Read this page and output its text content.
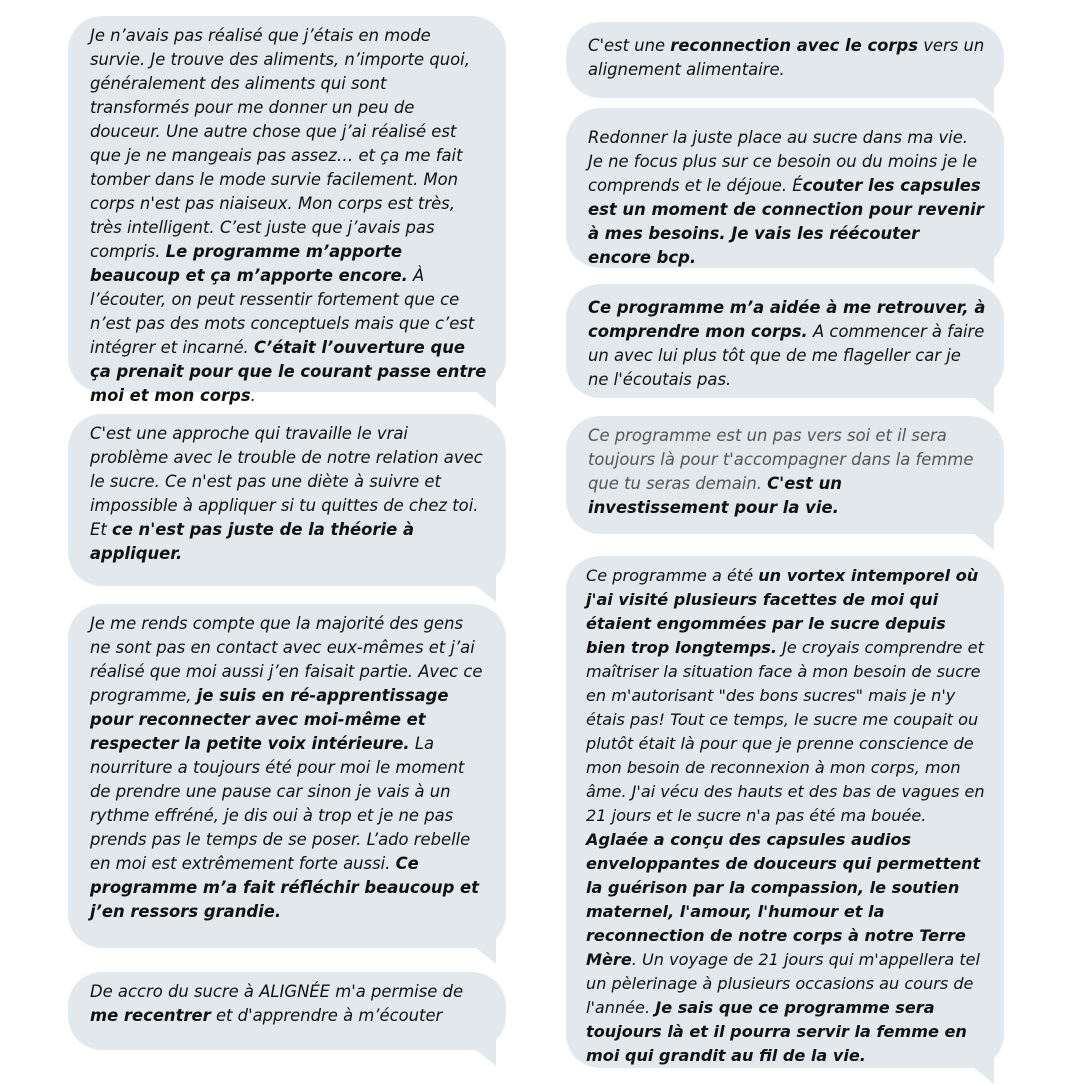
Je n’avais pas réalisé que j’étais en mode survie. Je trouve des aliments, n’importe quoi, généralement des aliments qui sont transformés pour me donner un peu de douceur. Une autre chose que j’ai réalisé est que je ne mangeais pas assez… et ça me fait tomber dans le mode survie facilement. Mon corps n'est pas niaiseux. Mon corps est très, très intelligent. C’est juste que j’avais pas compris. Le programme m’apporte beaucoup et ça m’apporte encore. À l’écouter, on peut ressentir fortement que ce n’est pas des mots conceptuels mais que c’est intégrer et incarné. C’était l’ouverture que ça prenait pour que le courant passe entre moi et mon corps.

C'est une approche qui travaille le vrai problème avec le trouble de notre relation avec le sucre. Ce n'est pas une diète à suivre et impossible à appliquer si tu quittes de chez toi. Et ce n'est pas juste de la théorie à appliquer.

Je me rends compte que la majorité des gens ne sont pas en contact avec eux-mêmes et j’ai réalisé que moi aussi j’en faisait partie. Avec ce programme, je suis en ré-apprentissage pour reconnecter avec moi-même et respecter la petite voix intérieure. La nourriture a toujours été pour moi le moment de prendre une pause car sinon je vais à un rythme effréné, je dis oui à trop et je ne pas prends pas le temps de se poser. L’ado rebelle en moi est extrêmement forte aussi. Ce programme m’a fait réfléchir beaucoup et j’en ressors grandie.

De accro du sucre à ALIGNÉE m'a permise de me recentrer et d'apprendre à m’écouter

C'est une reconnection avec le corps vers un alignement alimentaire.

Redonner la juste place au sucre dans ma vie. Je ne focus plus sur ce besoin ou du moins je le comprends et le déjoue. Écouter les capsules est un moment de connection pour revenir à mes besoins. Je vais les réécouter encore bcp.

Ce programme m’a aidée à me retrouver, à comprendre mon corps. A commencer à faire un avec lui plus tôt que de me flageller car je ne l'écoutais pas.

Ce programme est un pas vers soi et il sera toujours là pour t'accompagner dans la femme que tu seras demain. C'est un investissement pour la vie.

Ce programme a été un vortex intemporel où j'ai visité plusieurs facettes de moi qui étaient engommées par le sucre depuis bien trop longtemps. Je croyais comprendre et maîtriser la situation face à mon besoin de sucre en m'autorisant "des bons sucres" mais je n'y étais pas! Tout ce temps, le sucre me coupait ou plutôt était là pour que je prenne conscience de mon besoin de reconnexion à mon corps, mon âme. J'ai vécu des hauts et des bas de vagues en 21 jours et le sucre n'a pas été ma bouée. Aglaée a conçu des capsules audios enveloppantes de douceurs qui permettent la guérison par la compassion, le soutien maternel, l'amour, l'humour et la reconnection de notre corps à notre Terre Mère. Un voyage de 21 jours qui m'appellera tel un pèlerinage à plusieurs occasions au cours de l'année. Je sais que ce programme sera toujours là et il pourra servir la femme en moi qui grandit au fil de la vie.
